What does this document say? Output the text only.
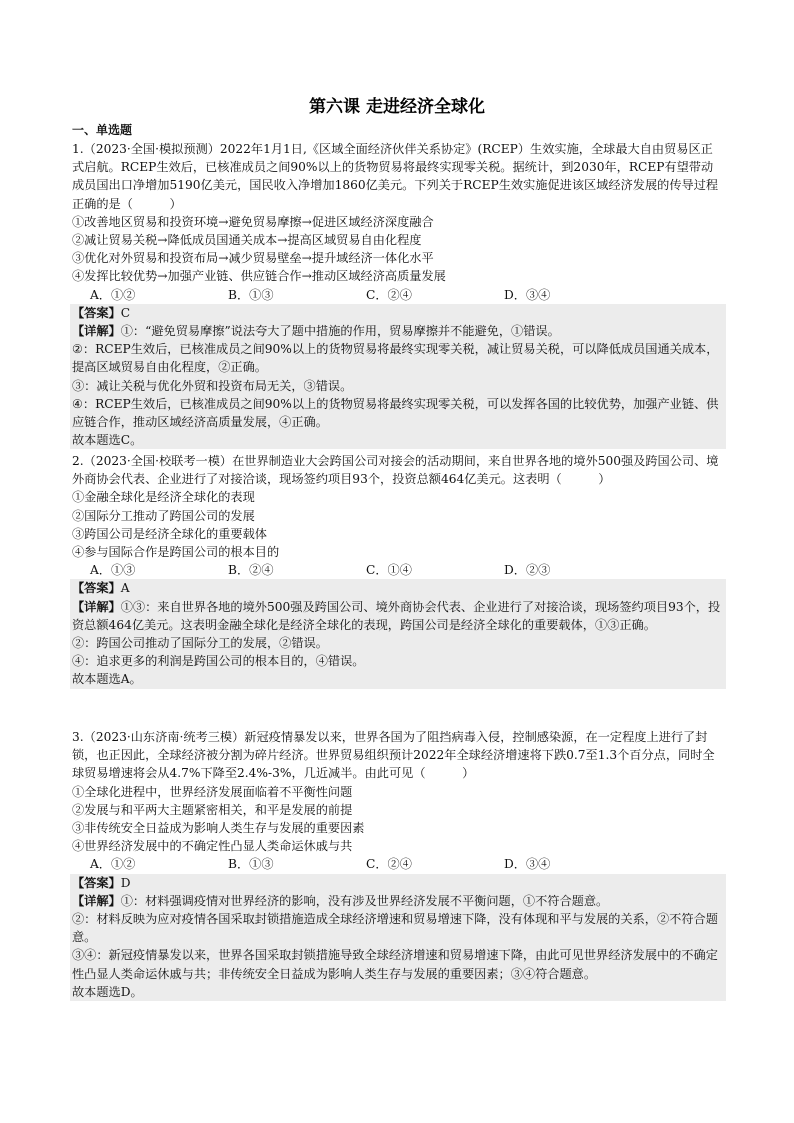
第六课 走进经济全球化
一、单选题

1.（2023·全国·模拟预测）2022年1月1日,《区域全面经济伙伴关系协定》(RCEP）生效实施，全球最大自由贸易区正式启航。RCEP生效后，已核准成员之间90%以上的货物贸易将最终实现零关税。据统计，到2030年，RCEP有望带动成员国出口净增加5190亿美元，国民收入净增加1860亿美元。下列关于RCEP生效实施促进该区域经济发展的传导过程正确的是（　　　）

①改善地区贸易和投资环境→避免贸易摩擦→促进区域经济深度融合

②减让贸易关税→降低成员国通关成本→提高区域贸易自由化程度

③优化对外贸易和投资布局→减少贸易壁垒→提升域经济一体化水平

④发挥比较优势→加强产业链、供应链合作→推动区域经济高质量发展

A．①②	B．①③	C．②④	D．③④

【答案】C

【详解】①：“避免贸易摩擦”说法夸大了题中措施的作用，贸易摩擦并不能避免，①错误。

②：RCEP生效后，已核准成员之间90%以上的货物贸易将最终实现零关税，减让贸易关税，可以降低成员国通关成本，提高区域贸易自由化程度，②正确。

③：减让关税与优化外贸和投资布局无关，③错误。

④：RCEP生效后，已核准成员之间90%以上的货物贸易将最终实现零关税，可以发挥各国的比较优势，加强产业链、供应链合作，推动区域经济高质量发展，④正确。

故本题选C。

2.（2023·全国·校联考一模）在世界制造业大会跨国公司对接会的活动期间，来自世界各地的境外500强及跨国公司、境外商协会代表、企业进行了对接洽谈，现场签约项目93个，投资总额464亿美元。这表明（　　　）

①金融全球化是经济全球化的表现

②国际分工推动了跨国公司的发展

③跨国公司是经济全球化的重要载体

④参与国际合作是跨国公司的根本目的

A．①③	B．②④	C．①④	D．②③

【答案】A

【详解】①③：来自世界各地的境外500强及跨国公司、境外商协会代表、企业进行了对接洽谈，现场签约项目93个，投资总额464亿美元。这表明金融全球化是经济全球化的表现，跨国公司是经济全球化的重要载体，①③正确。

②：跨国公司推动了国际分工的发展，②错误。

④：追求更多的利润是跨国公司的根本目的，④错误。

故本题选A。

3.（2023·山东济南·统考三模）新冠疫情暴发以来，世界各国为了阻挡病毒入侵，控制感染源，在一定程度上进行了封锁，也正因此，全球经济被分割为碎片经济。世界贸易组织预计2022年全球经济增速将下跌0.7至1.3个百分点，同时全球贸易增速将会从4.7%下降至2.4%-3%，几近减半。由此可见（　　　）

①全球化进程中，世界经济发展面临着不平衡性问题

②发展与和平两大主题紧密相关，和平是发展的前提

③非传统安全日益成为影响人类生存与发展的重要因素

④世界经济发展中的不确定性凸显人类命运休戚与共

A．①②	B．①③	C．②④	D．③④

【答案】D

【详解】①：材料强调疫情对世界经济的影响，没有涉及世界经济发展不平衡问题，①不符合题意。

②：材料反映为应对疫情各国采取封锁措施造成全球经济增速和贸易增速下降，没有体现和平与发展的关系，②不符合题意。

③④：新冠疫情暴发以来，世界各国采取封锁措施导致全球经济增速和贸易增速下降，由此可见世界经济发展中的不确定性凸显人类命运休戚与共；非传统安全日益成为影响人类生存与发展的重要因素；③④符合题意。

故本题选D。
